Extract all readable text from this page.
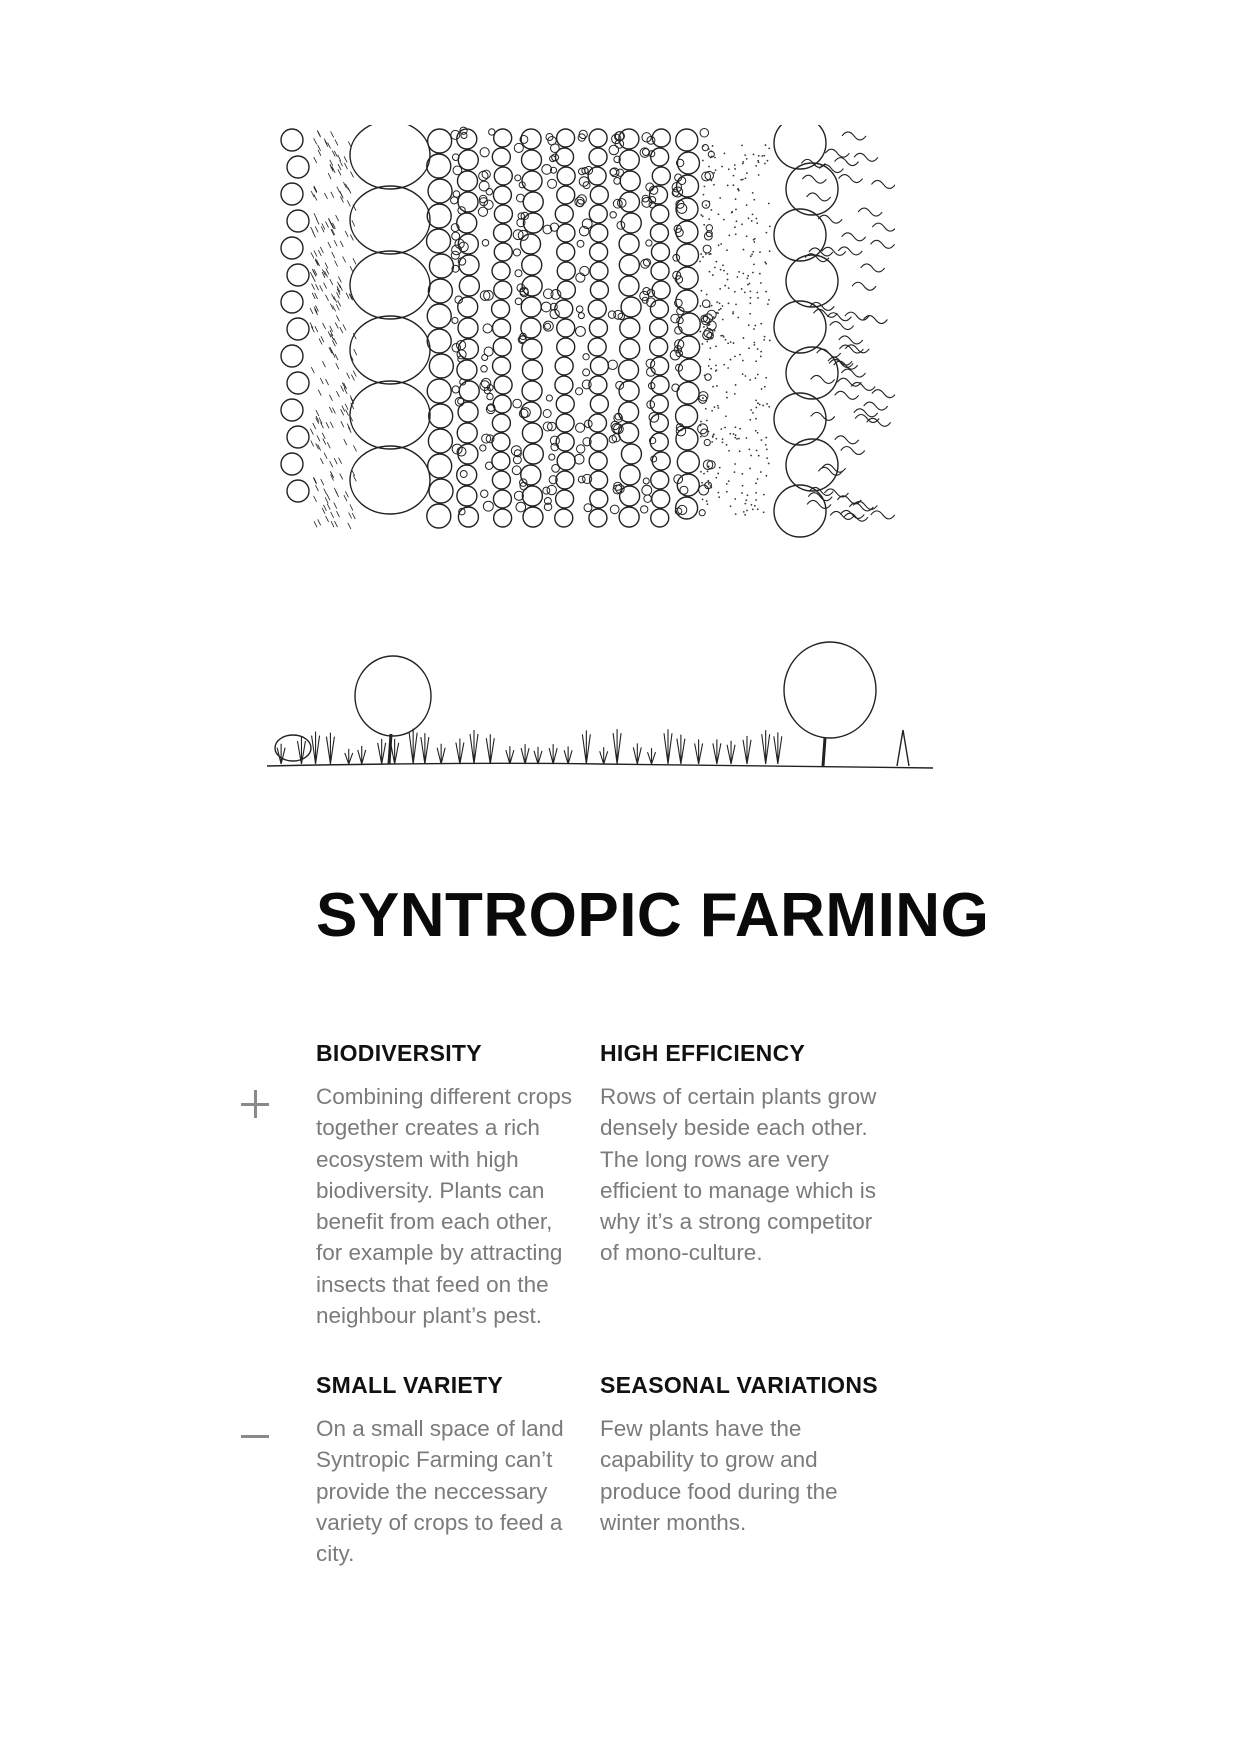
SYNTROPIC FARMING
BIODIVERSITY

Combining different crops together creates a rich ecosystem with high biodiversity. Plants can benefit from each other, for example by attracting insects that feed on the neighbour plant’s pest.

HIGH EFFICIENCY

Rows of certain plants grow densely beside each other. The long rows are very efficient to manage which is why it’s a strong competitor of mono-culture.

SMALL VARIETY

On a small space of land Syntropic Farming can’t provide the neccessary variety of crops to feed a city.

SEASONAL VARIATIONS

Few plants have the capability to grow and produce food during the winter months.
